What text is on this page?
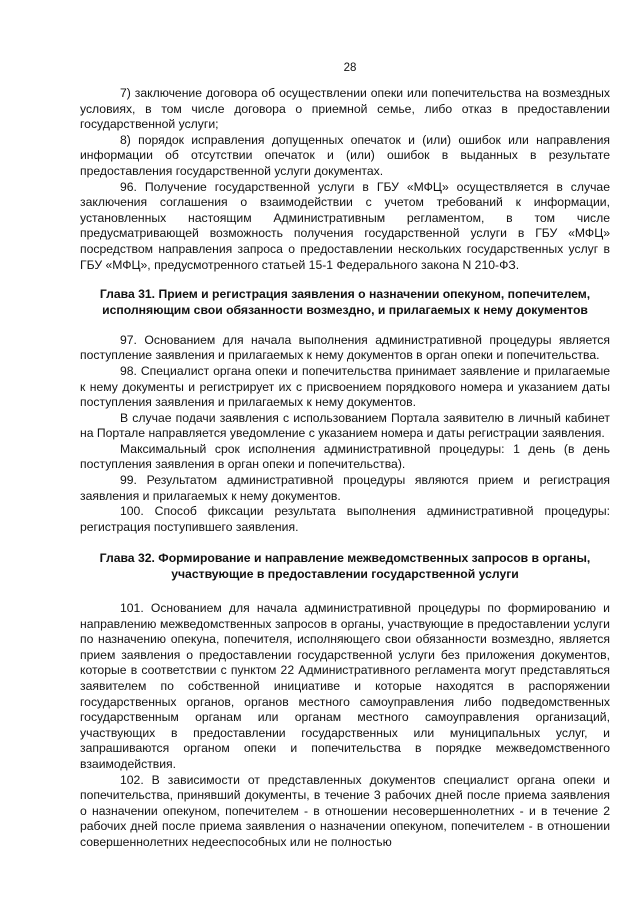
28

7) заключение договора об осуществлении опеки или попечительства на возмездных условиях, в том числе договора о приемной семье, либо отказ в предоставлении государственной услуги;

8) порядок исправления допущенных опечаток и (или) ошибок или направления информации об отсутствии опечаток и (или) ошибок в выданных в результате предоставления государственной услуги документах.

96. Получение государственной услуги в ГБУ «МФЦ» осуществляется в случае заключения соглашения о взаимодействии с учетом требований к информации, установленных настоящим Административным регламентом, в том числе предусматривающей возможность получения государственной услуги в ГБУ «МФЦ» посредством направления запроса о предоставлении нескольких государственных услуг в ГБУ «МФЦ», предусмотренного статьей 15-1 Федерального закона N 210-ФЗ.

Глава 31. Прием и регистрация заявления о назначении опекуном, попечителем, исполняющим свои обязанности возмездно, и прилагаемых к нему документов

97. Основанием для начала выполнения административной процедуры является поступление заявления и прилагаемых к нему документов в орган опеки и попечительства.

98. Специалист органа опеки и попечительства принимает заявление и прилагаемые к нему документы и регистрирует их с присвоением порядкового номера и указанием даты поступления заявления и прилагаемых к нему документов.

В случае подачи заявления с использованием Портала заявителю в личный кабинет на Портале направляется уведомление с указанием номера и даты регистрации заявления.

Максимальный срок исполнения административной процедуры: 1 день (в день поступления заявления в орган опеки и попечительства).

99. Результатом административной процедуры являются прием и регистрация заявления и прилагаемых к нему документов.

100. Способ фиксации результата выполнения административной процедуры: регистрация поступившего заявления.

Глава 32. Формирование и направление межведомственных запросов в органы, участвующие в предоставлении государственной услуги

101. Основанием для начала административной процедуры по формированию и направлению межведомственных запросов в органы, участвующие в предоставлении услуги по назначению опекуна, попечителя, исполняющего свои обязанности возмездно, является прием заявления о предоставлении государственной услуги без приложения документов, которые в соответствии с пунктом 22 Административного регламента могут представляться заявителем по собственной инициативе и которые находятся в распоряжении государственных органов, органов местного самоуправления либо подведомственных государственным органам или органам местного самоуправления организаций, участвующих в предоставлении государственных или муниципальных услуг, и запрашиваются органом опеки и попечительства в порядке межведомственного взаимодействия.

102. В зависимости от представленных документов специалист органа опеки и попечительства, принявший документы, в течение 3 рабочих дней после приема заявления о назначении опекуном, попечителем - в отношении несовершеннолетних - и в течение 2 рабочих дней после приема заявления о назначении опекуном, попечителем - в отношении совершеннолетних недееспособных или не полностью
